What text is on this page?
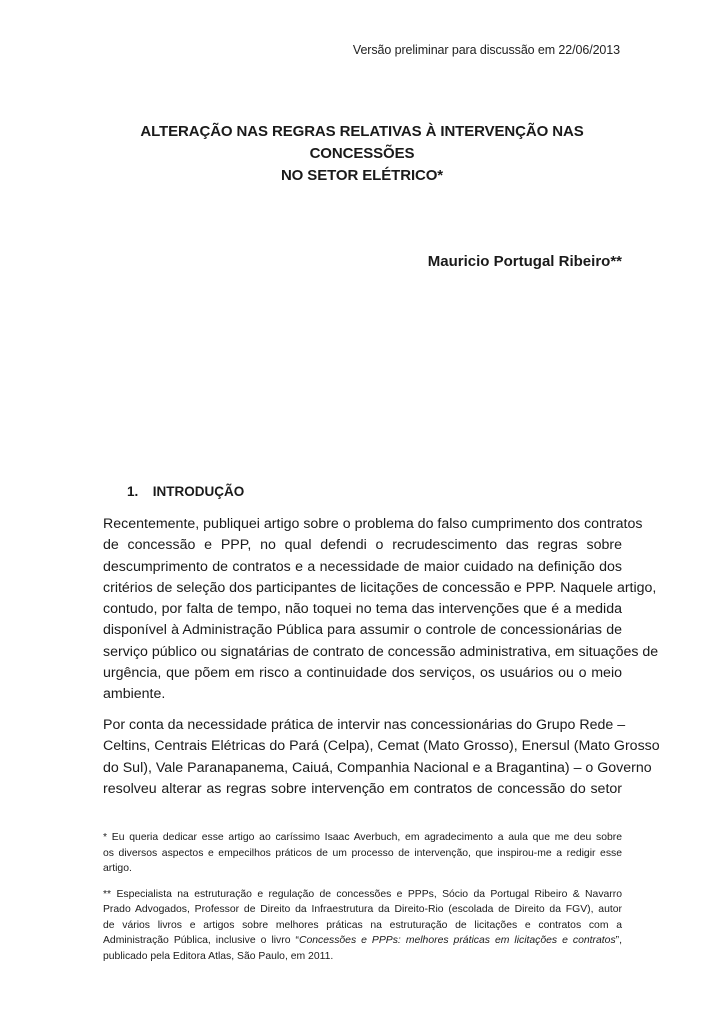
Versão preliminar para discussão em 22/06/2013
ALTERAÇÃO NAS REGRAS RELATIVAS À INTERVENÇÃO NAS CONCESSÕES
NO SETOR ELÉTRICO*
Mauricio Portugal Ribeiro**
1. INTRODUÇÃO
Recentemente, publiquei artigo sobre o problema do falso cumprimento dos contratos
de concessão e PPP, no qual defendi o recrudescimento das regras sobre
descumprimento de contratos e a necessidade de maior cuidado na definição dos
critérios de seleção dos participantes de licitações de concessão e PPP. Naquele artigo,
contudo, por falta de tempo, não toquei no tema das intervenções que é a medida
disponível à Administração Pública para assumir o controle de concessionárias de
serviço público ou signatárias de contrato de concessão administrativa, em situações de
urgência, que põem em risco a continuidade dos serviços, os usuários ou o meio
ambiente.
Por conta da necessidade prática de intervir nas concessionárias do Grupo Rede –
Celtins, Centrais Elétricas do Pará (Celpa), Cemat (Mato Grosso), Enersul (Mato Grosso
do Sul), Vale Paranapanema, Caiuá, Companhia Nacional e a Bragantina) – o Governo
resolveu alterar as regras sobre intervenção em contratos de concessão do setor

* Eu queria dedicar esse artigo ao caríssimo Isaac Averbuch, em agradecimento a aula que me deu sobre
os diversos aspectos e empecilhos práticos de um processo de intervenção, que inspirou-me a redigir esse
artigo.

** Especialista na estruturação e regulação de concessões e PPPs, Sócio da Portugal Ribeiro & Navarro
Prado Advogados, Professor de Direito da Infraestrutura da Direito-Rio (escolada de Direito da FGV), autor
de vários livros e artigos sobre melhores práticas na estruturação de licitações e contratos com a
Administração Pública, inclusive o livro “Concessões e PPPs: melhores práticas em licitações e contratos”,
publicado pela Editora Atlas, São Paulo, em 2011.
